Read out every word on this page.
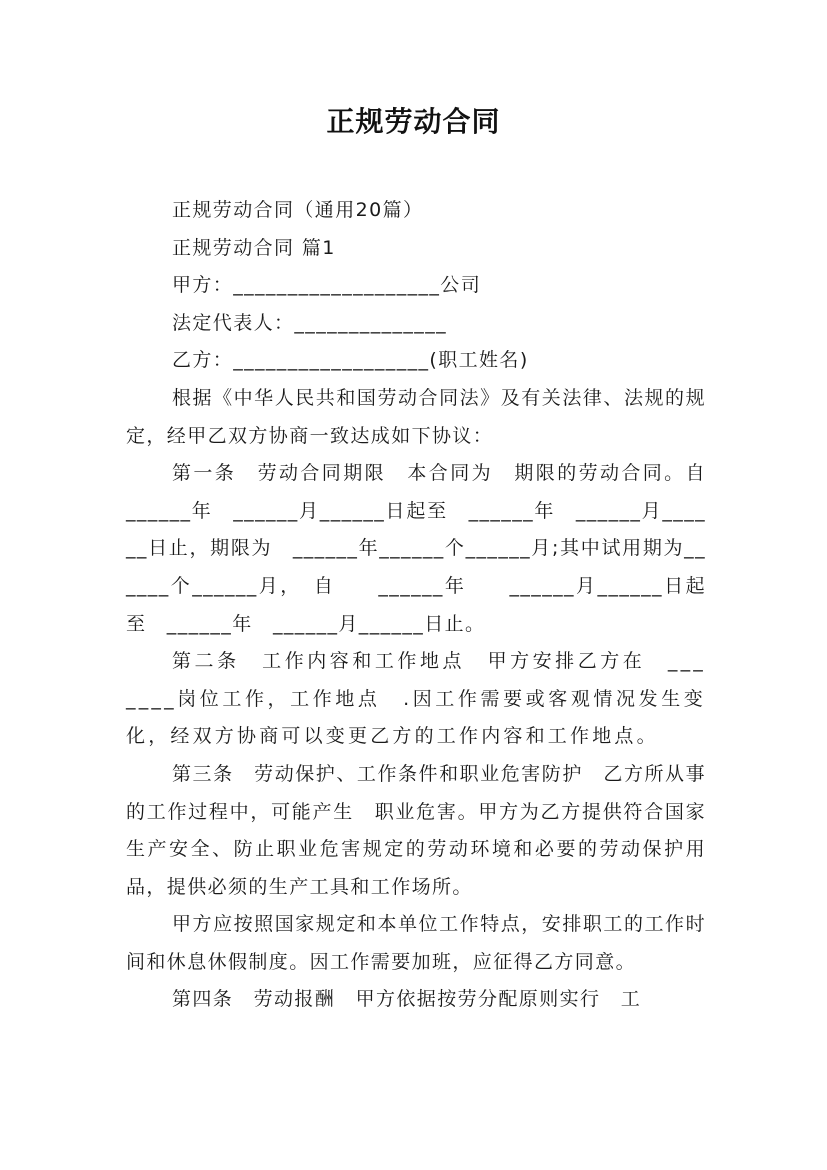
正规劳动合同

正规劳动合同（通用20篇）

正规劳动合同 篇1

甲方：___________________公司

法定代表人：______________

乙方：__________________(职工姓名)

根据《中华人民共和国劳动合同法》及有关法律、法规的规定，经甲乙双方协商一致达成如下协议：

第一条　劳动合同期限　本合同为　期限的劳动合同。自　______年　______月______日起至　______年　______月______日止，期限为　______年______个______月;其中试用期为______个______月，　自　　______年　　______月______日起至　______年　______月______日止。

第二条　工作内容和工作地点　甲方安排乙方在　_______岗位工作，工作地点　.因工作需要或客观情况发生变化，经双方协商可以变更乙方的工作内容和工作地点。

第三条　劳动保护、工作条件和职业危害防护　乙方所从事的工作过程中，可能产生　职业危害。甲方为乙方提供符合国家生产安全、防止职业危害规定的劳动环境和必要的劳动保护用品，提供必须的生产工具和工作场所。

甲方应按照国家规定和本单位工作特点，安排职工的工作时间和休息休假制度。因工作需要加班，应征得乙方同意。

第四条　劳动报酬　甲方依据按劳分配原则实行　工
